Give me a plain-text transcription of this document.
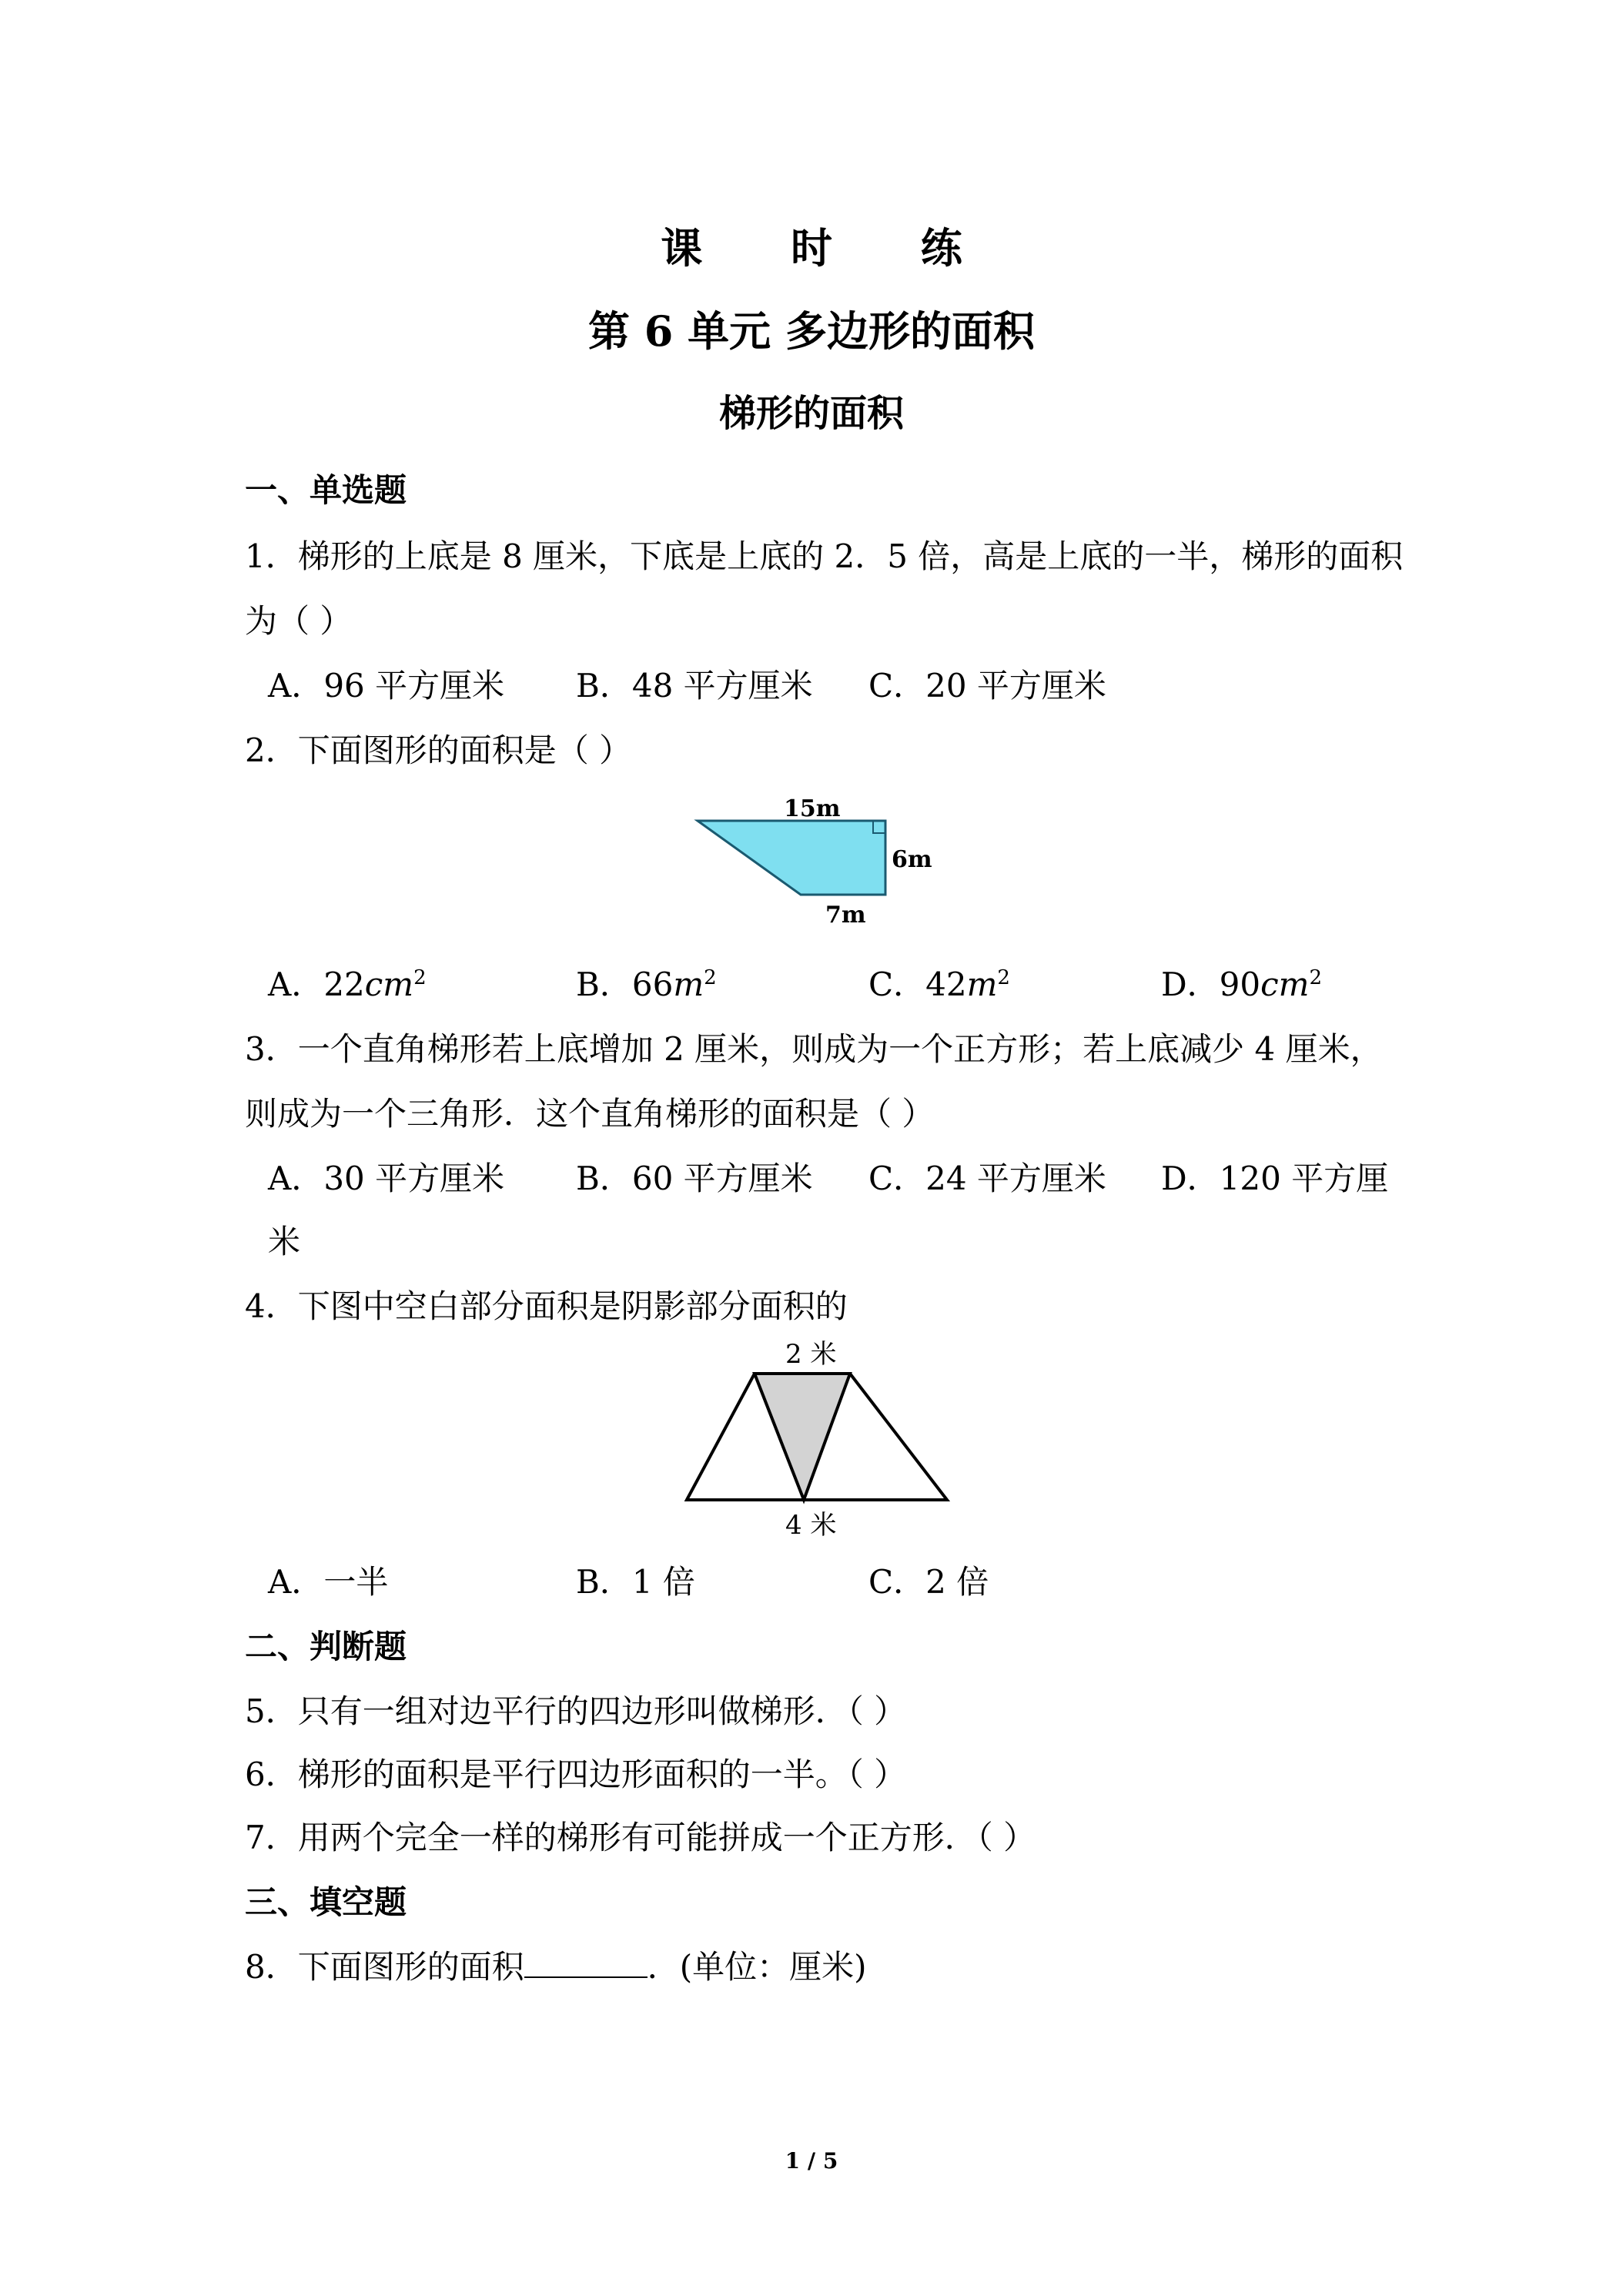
课 时 练
第 6 单元 多边形的面积
梯形的面积
一、单选题
1．梯形的上底是 8 厘米，下底是上底的 2．5 倍，高是上底的一半，梯形的面积
为（ ）
A．96 平方厘米 B．48 平方厘米 C．20 平方厘米
2．下面图形的面积是（ ）
15m
6m
7m
A．$22cm^2$	B．$66m^2$	C．$42m^2$	D．$90cm^2$
3．一个直角梯形若上底增加 2 厘米，则成为一个正方形；若上底减少 4 厘米，
则成为一个三角形．这个直角梯形的面积是（ ）
A．30 平方厘米 B．60 平方厘米 C．24 平方厘米 D．120 平方厘
米
4．下图中空白部分面积是阴影部分面积的
2 米
4 米
A．一半	B．1 倍	C．2 倍
二、判断题
5．只有一组对边平行的四边形叫做梯形．（ ）
6．梯形的面积是平行四边形面积的一半。（ ）
7．用两个完全一样的梯形有可能拼成一个正方形．（ ）
三、填空题
8．下面图形的面积	．(单位：厘米)
1 / 5
